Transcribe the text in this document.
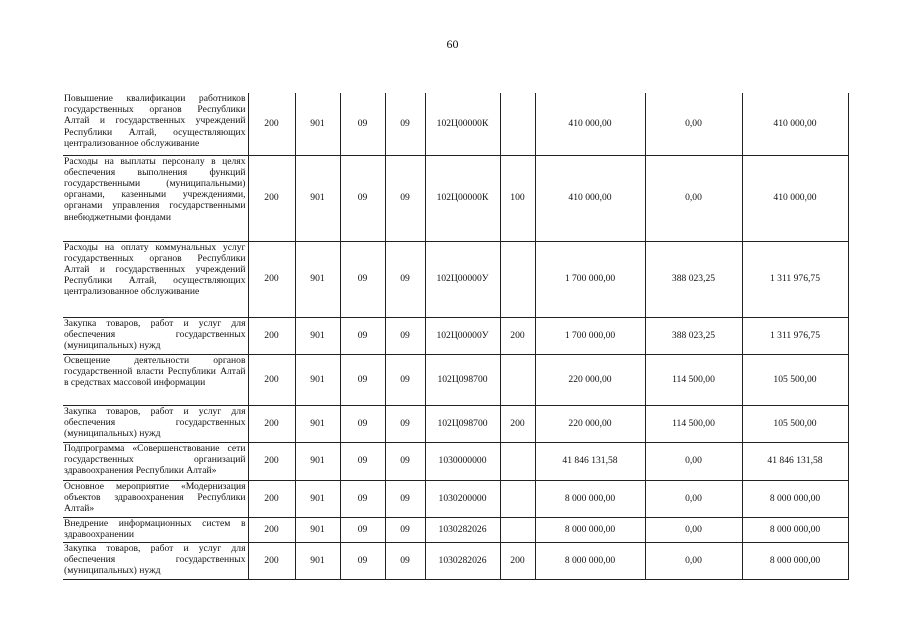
60
Повышение квалификации работников государственных органов Республики Алтай и государственных учреждений Республики Алтай, осуществляющих централизованное обслуживание	200	901	09	09	102Ц00000К		410 000,00	0,00	410 000,00
Расходы на выплаты персоналу в целях обеспечения выполнения функций государственными (муниципальными) органами, казенными учреждениями, органами управления государственными внебюджетными фондами	200	901	09	09	102Ц00000К	100	410 000,00	0,00	410 000,00
Расходы на оплату коммунальных услуг государственных органов Республики Алтай и государственных учреждений Республики Алтай, осуществляющих централизованное обслуживание	200	901	09	09	102Ц00000У		1 700 000,00	388 023,25	1 311 976,75
Закупка товаров, работ и услуг для обеспечения государственных (муниципальных) нужд	200	901	09	09	102Ц00000У	200	1 700 000,00	388 023,25	1 311 976,75
Освещение деятельности органов государственной власти Республики Алтай в средствах массовой информации	200	901	09	09	102Ц098700		220 000,00	114 500,00	105 500,00
Закупка товаров, работ и услуг для обеспечения государственных (муниципальных) нужд	200	901	09	09	102Ц098700	200	220 000,00	114 500,00	105 500,00
Подпрограмма «Совершенствование сети государственных организаций здравоохранения Республики Алтай»	200	901	09	09	1030000000		41 846 131,58	0,00	41 846 131,58
Основное мероприятие «Модернизация объектов здравоохранения Республики Алтай»	200	901	09	09	1030200000		8 000 000,00	0,00	8 000 000,00
Внедрение информационных систем в здравоохранении	200	901	09	09	1030282026		8 000 000,00	0,00	8 000 000,00
Закупка товаров, работ и услуг для обеспечения государственных (муниципальных) нужд	200	901	09	09	1030282026	200	8 000 000,00	0,00	8 000 000,00
